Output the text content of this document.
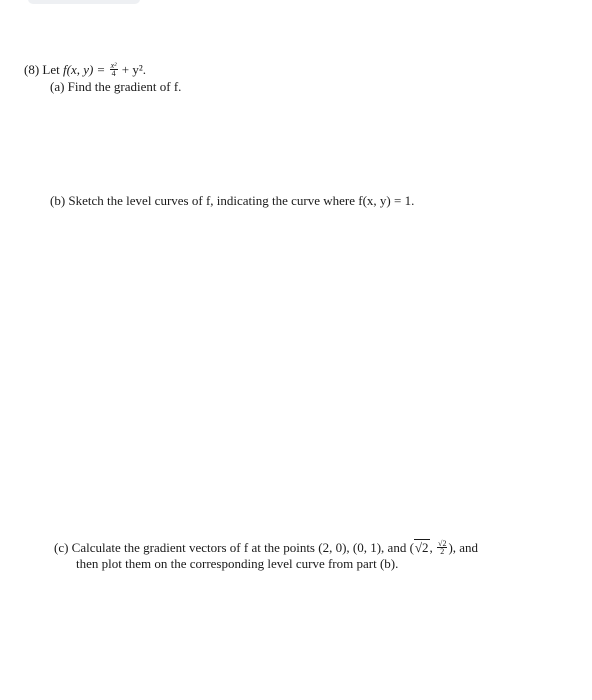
(8) Let f(x, $y) = \frac{\text{x²}}{4} + y^2$.
(a) Find the gradient of f.
(b) Sketch the level curves of f, indicating the curve where f(x, y) = 1.
(c) Calculate the gradient vectors of f at the points (2, 0), (0, 1), and (√2, $\frac{√2}{2}$ ), and
then plot them on the corresponding level curve from part (b).
